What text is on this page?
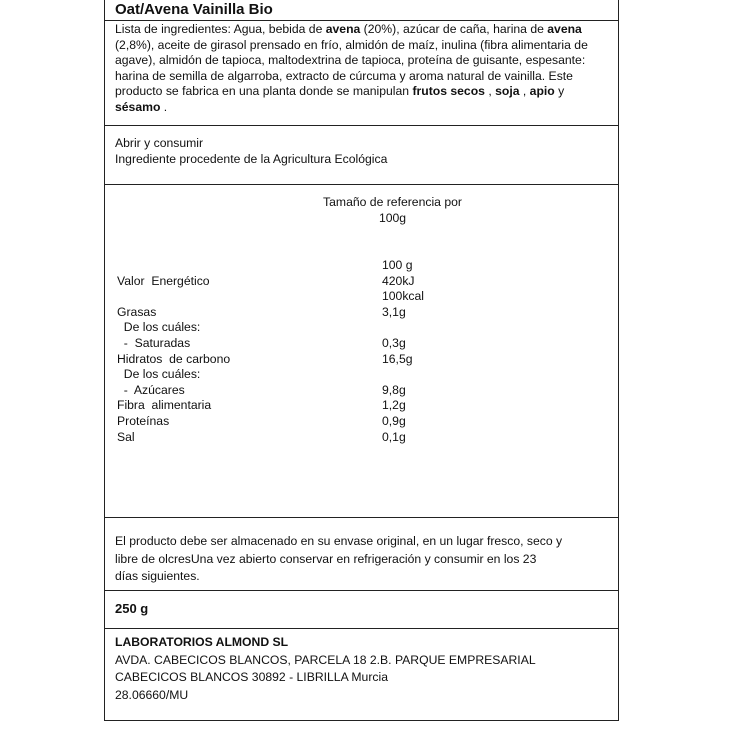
Oat/Avena Vainilla Bio
Lista de ingredientes: Agua, bebida de avena (20%), azúcar de caña, harina de avena (2,8%), aceite de girasol prensado en frío, almidón de maíz, inulina (fibra alimentaria de agave), almidón de tapioca, maltodextrina de tapioca, proteína de guisante, espesante: harina de semilla de algarroba, extracto de cúrcuma y aroma natural de vainilla. Este producto se fabrica en una planta donde se manipulan frutos secos , soja , apio y sésamo .
Abrir y consumir
Ingrediente procedente de la Agricultura Ecológica
Tamaño de referencia por
100g
100 g
Valor  Energético	420kJ
100kcal
Grasas	3,1g
De los cuáles:
-  Saturadas	0,3g
Hidratos  de carbono	16,5g
De los cuáles:
-  Azúcares	9,8g
Fibra  alimentaria	1,2g
Proteínas	0,9g
Sal	0,1g
El producto debe ser almacenado en su envase original, en un lugar fresco, seco y
libre de olcresUna vez abierto conservar en refrigeración y consumir en los 23
días siguientes.
250 g
LABORATORIOS ALMOND SL
AVDA. CABECICOS BLANCOS, PARCELA 18 2.B. PARQUE EMPRESARIAL
CABECICOS BLANCOS 30892 - LIBRILLA Murcia
28.06660/MU
